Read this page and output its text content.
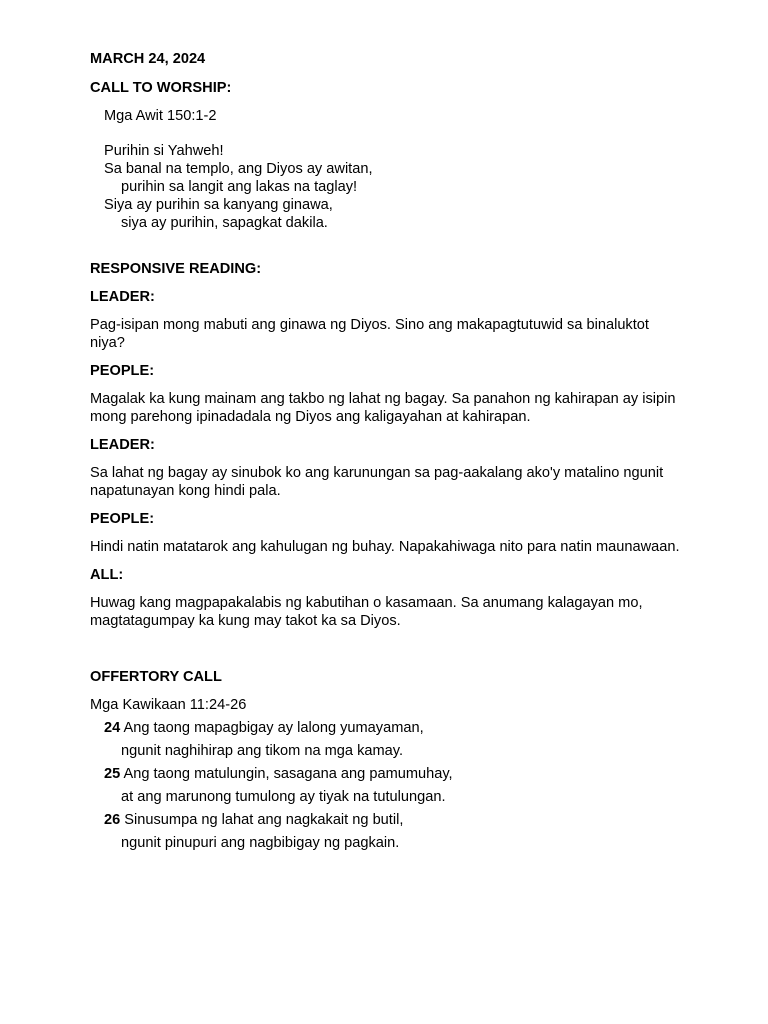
MARCH 24, 2024

CALL TO WORSHIP:

Mga Awit 150:1-2

Purihin si Yahweh!

Sa banal na templo, ang Diyos ay awitan,

purihin sa langit ang lakas na taglay!

Siya ay purihin sa kanyang ginawa,

siya ay purihin, sapagkat dakila.

RESPONSIVE READING:

LEADER:

Pag-isipan mong mabuti ang ginawa ng Diyos. Sino ang makapagtutuwid sa binaluktot niya?

PEOPLE:

Magalak ka kung mainam ang takbo ng lahat ng bagay. Sa panahon ng kahirapan ay isipin mong parehong ipinadadala ng Diyos ang kaligayahan at kahirapan.

LEADER:

Sa lahat ng bagay ay sinubok ko ang karunungan sa pag-aakalang ako'y matalino ngunit napatunayan kong hindi pala.

PEOPLE:

Hindi natin matatarok ang kahulugan ng buhay. Napakahiwaga nito para natin maunawaan.

ALL:

Huwag kang magpapakalabis ng kabutihan o kasamaan. Sa anumang kalagayan mo, magtatagumpay ka kung may takot ka sa Diyos.

OFFERTORY CALL

Mga Kawikaan 11:24-26

24 Ang taong mapagbigay ay lalong yumayaman,

ngunit naghihirap ang tikom na mga kamay.

25 Ang taong matulungin, sasagana ang pamumuhay,

at ang marunong tumulong ay tiyak na tutulungan.

26 Sinusumpa ng lahat ang nagkakait ng butil,

ngunit pinupuri ang nagbibigay ng pagkain.
